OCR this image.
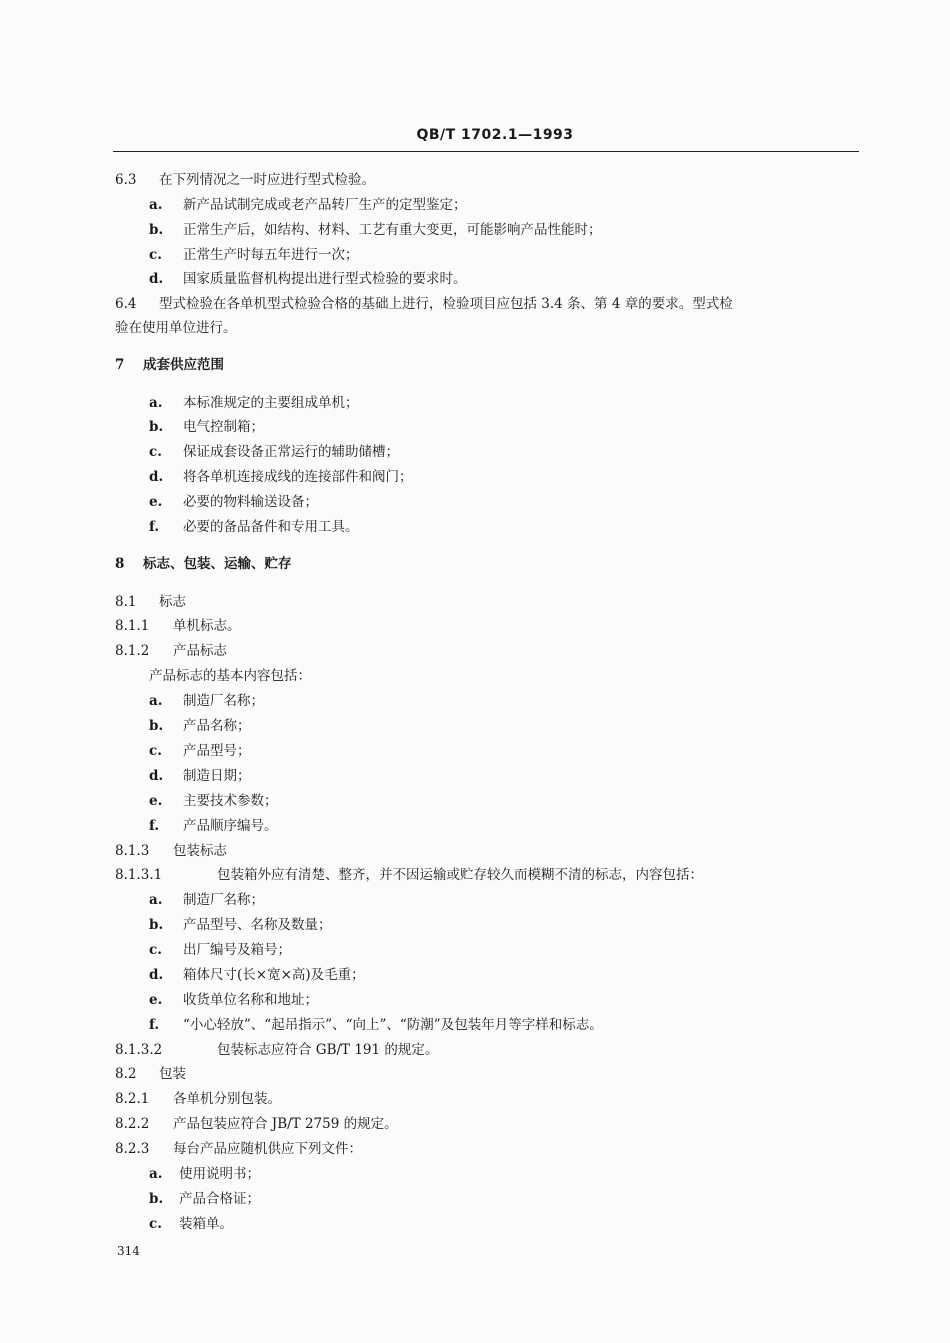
QB/T 1702.1—1993
6.3 在下列情况之一时应进行型式检验。
a. 新产品试制完成或老产品转厂生产的定型鉴定；
b. 正常生产后，如结构、材料、工艺有重大变更，可能影响产品性能时；
c. 正常生产时每五年进行一次；
d. 国家质量监督机构提出进行型式检验的要求时。
6.4 型式检验在各单机型式检验合格的基础上进行，检验项目应包括 3.4 条、第 4 章的要求。型式检
验在使用单位进行。
7 成套供应范围
a. 本标准规定的主要组成单机；
b. 电气控制箱；
c. 保证成套设备正常运行的辅助储槽；
d. 将各单机连接成线的连接部件和阀门；
e. 必要的物料输送设备；
f. 必要的备品备件和专用工具。
8 标志、包装、运输、贮存
8.1 标志
8.1.1 单机标志。
8.1.2 产品标志
产品标志的基本内容包括：
a. 制造厂名称；
b. 产品名称；
c. 产品型号；
d. 制造日期；
e. 主要技术参数；
f. 产品顺序编号。
8.1.3 包装标志
8.1.3.1	包装箱外应有清楚、整齐，并不因运输或贮存较久而模糊不清的标志，内容包括：
a. 制造厂名称；
b. 产品型号、名称及数量；
c. 出厂编号及箱号；
d. 箱体尺寸(长×宽×高)及毛重；
e. 收货单位名称和地址；
f. “小心轻放”、“起吊指示”、“向上”、“防潮”及包装年月等字样和标志。
8.1.3.2	包装标志应符合 GB/T 191 的规定。
8.2 包装
8.2.1 各单机分别包装。
8.2.2 产品包装应符合 JB/T 2759 的规定。
8.2.3 每台产品应随机供应下列文件：
a. 使用说明书；
b. 产品合格证；
c. 装箱单。
314
